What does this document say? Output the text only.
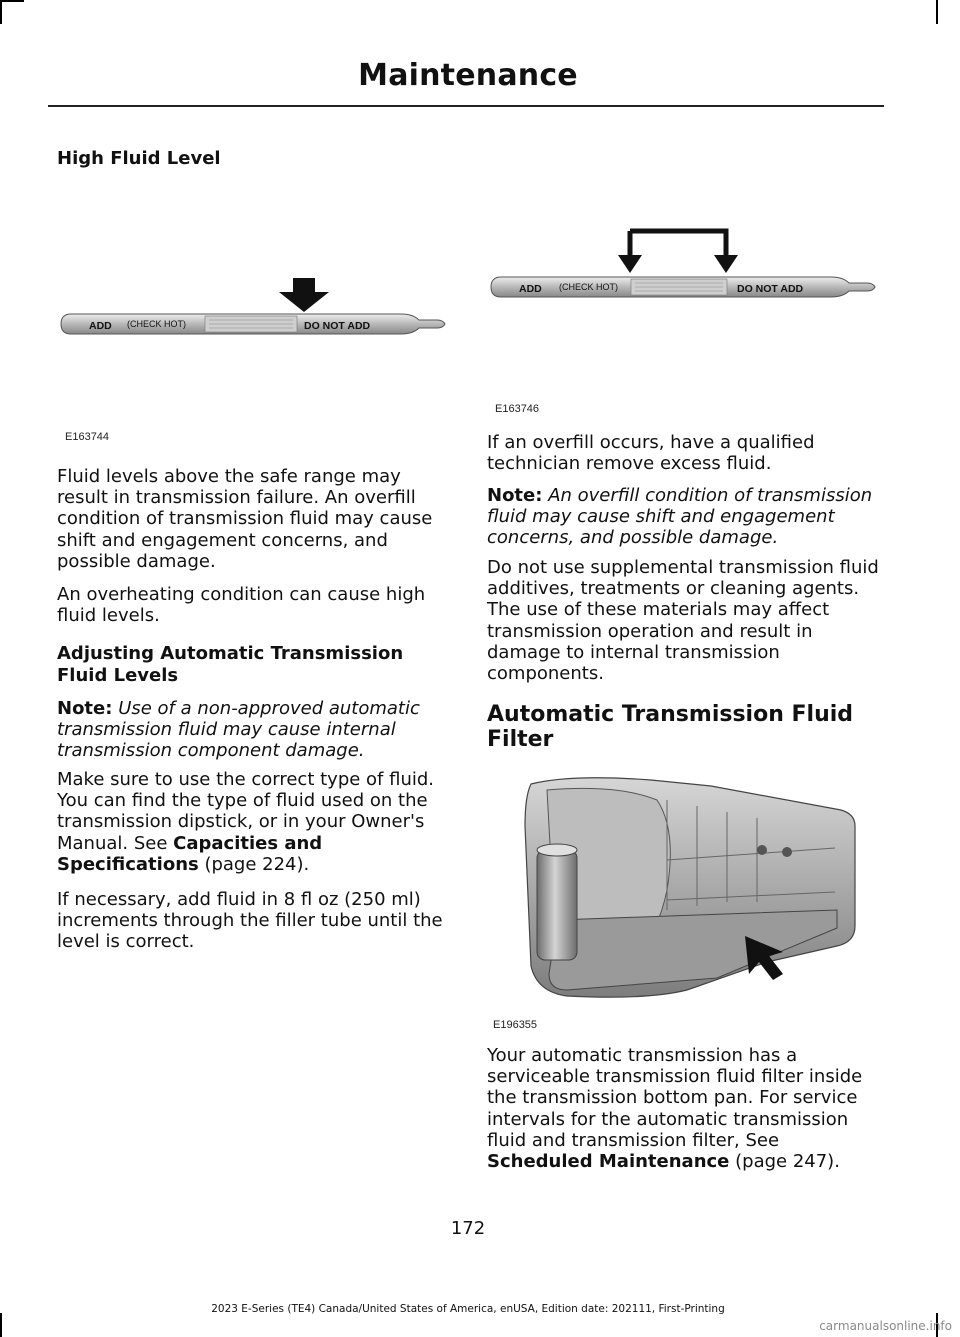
Maintenance
High Fluid Level
ADD (CHECK HOT)	DO NOT ADD
E163744

Fluid levels above the safe range may result in transmission failure. An overfill condition of transmission fluid may cause shift and engagement concerns, and possible damage.

An overheating condition can cause high fluid levels.

Adjusting Automatic Transmission Fluid Levels

Note: Use of a non-approved automatic transmission fluid may cause internal transmission component damage.

Make sure to use the correct type of fluid. You can find the type of fluid used on the transmission dipstick, or in your Owner's Manual. See Capacities and Specifications (page 224).

If necessary, add fluid in 8 fl oz (250 ml) increments through the filler tube until the level is correct.

ADD (CHECK HOT)	DO NOT ADD
E163746

If an overfill occurs, have a qualified technician remove excess fluid.

Note: An overfill condition of transmission fluid may cause shift and engagement concerns, and possible damage.

Do not use supplemental transmission fluid additives, treatments or cleaning agents. The use of these materials may affect transmission operation and result in damage to internal transmission components.

Automatic Transmission Fluid Filter
E196355

Your automatic transmission has a serviceable transmission fluid filter inside the transmission bottom pan. For service intervals for the automatic transmission fluid and transmission filter, See Scheduled Maintenance (page 247).

172
2023 E-Series (TE4) Canada/United States of America, enUSA, Edition date: 202111, First-Printing
carmanualsonline.info
